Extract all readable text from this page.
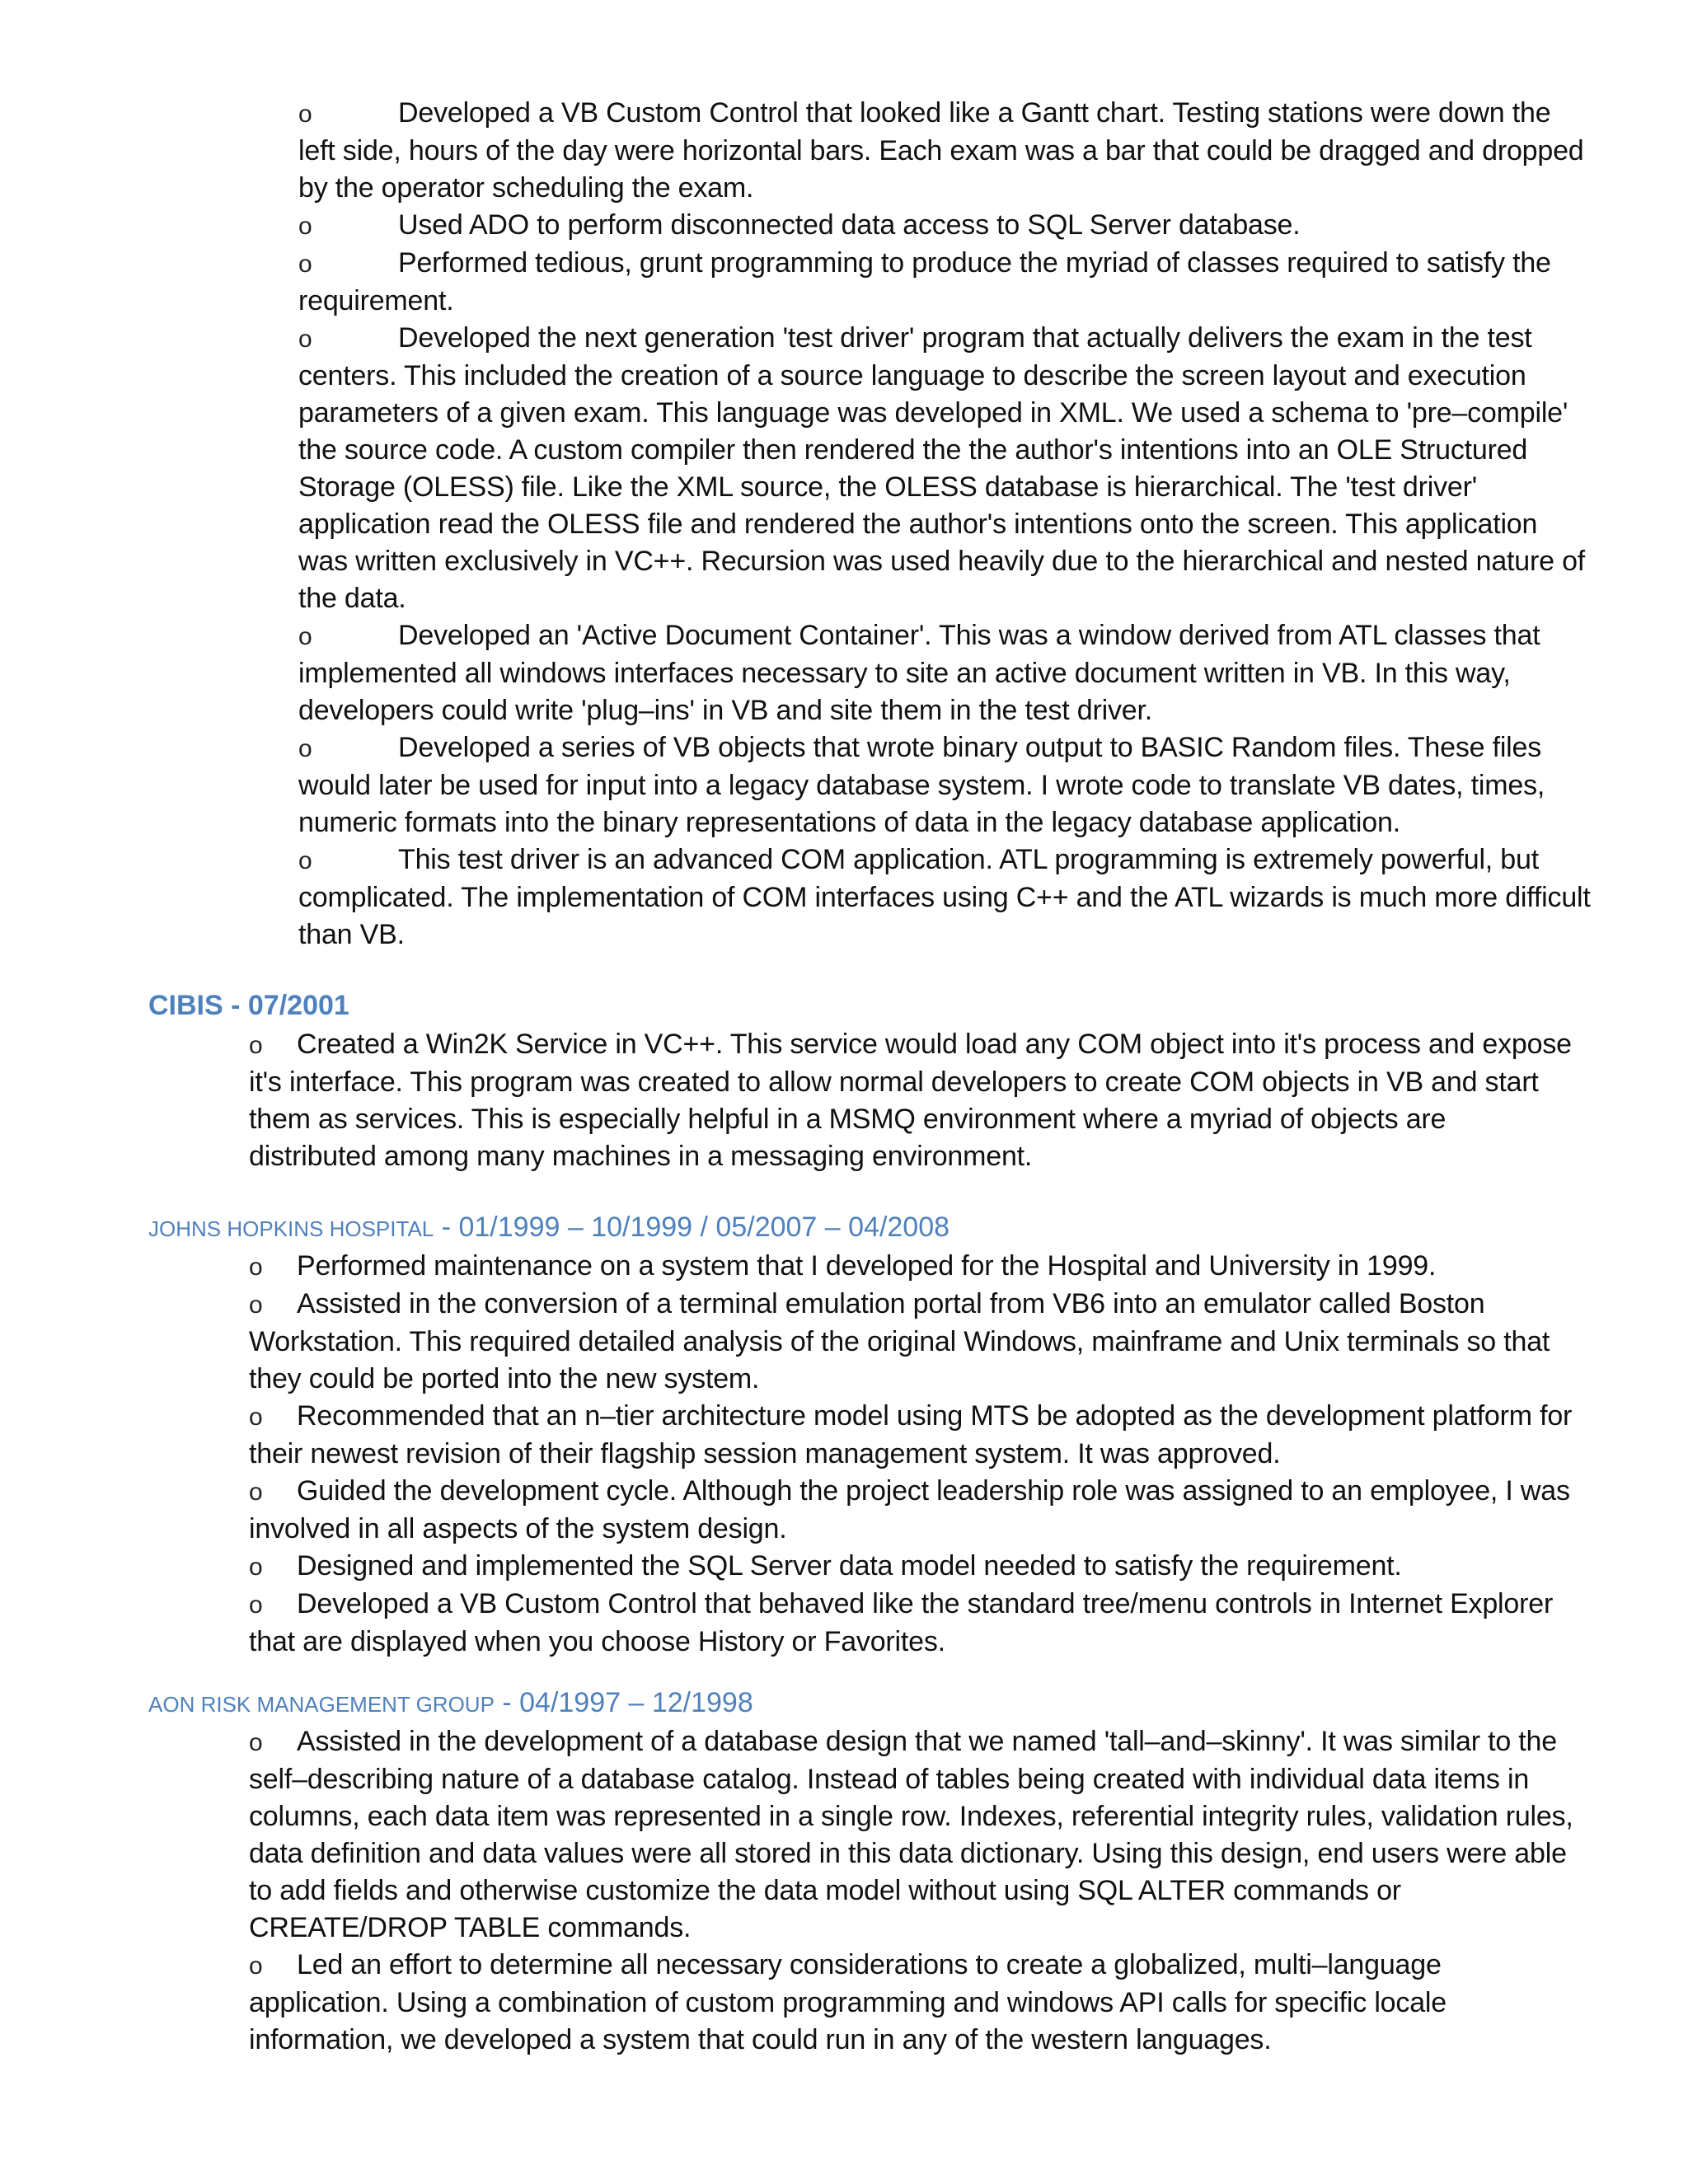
o	Developed a VB Custom Control that looked like a Gantt chart. Testing stations were down the left side, hours of the day were horizontal bars. Each exam was a bar that could be dragged and dropped by the operator scheduling the exam.
o	Used ADO to perform disconnected data access to SQL Server database.
o	Performed tedious, grunt programming to produce the myriad of classes required to satisfy the requirement.
o	Developed the next generation 'test driver' program that actually delivers the exam in the test centers. This included the creation of a source language to describe the screen layout and execution parameters of a given exam. This language was developed in XML. We used a schema to 'pre–compile' the source code. A custom compiler then rendered the the author's intentions into an OLE Structured Storage (OLESS) file. Like the XML source, the OLESS database is hierarchical. The 'test driver' application read the OLESS file and rendered the author's intentions onto the screen. This application was written exclusively in VC++. Recursion was used heavily due to the hierarchical and nested nature of the data.
o	Developed an 'Active Document Container'. This was a window derived from ATL classes that implemented all windows interfaces necessary to site an active document written in VB. In this way, developers could write 'plug–ins' in VB and site them in the test driver.
o	Developed a series of VB objects that wrote binary output to BASIC Random files. These files would later be used for input into a legacy database system. I wrote code to translate VB dates, times, numeric formats into the binary representations of data in the legacy database application.
o	This test driver is an advanced COM application. ATL programming is extremely powerful, but complicated. The implementation of COM interfaces using C++ and the ATL wizards is much more difficult than VB.
CIBIS - 07/2001
o Created a Win2K Service in VC++. This service would load any COM object into it's process and expose it's interface. This program was created to allow normal developers to create COM objects in VB and start them as services. This is especially helpful in a MSMQ environment where a myriad of objects are distributed among many machines in a messaging environment.
JOHNS HOPKINS HOSPITAL - 01/1999 – 10/1999 / 05/2007 – 04/2008
o Performed maintenance on a system that I developed for the Hospital and University in 1999.
o Assisted in the conversion of a terminal emulation portal from VB6 into an emulator called Boston Workstation. This required detailed analysis of the original Windows, mainframe and Unix terminals so that they could be ported into the new system.
o Recommended that an n–tier architecture model using MTS be adopted as the development platform for their newest revision of their flagship session management system. It was approved.
o Guided the development cycle. Although the project leadership role was assigned to an employee, I was involved in all aspects of the system design.
o Designed and implemented the SQL Server data model needed to satisfy the requirement.
o Developed a VB Custom Control that behaved like the standard tree/menu controls in Internet Explorer that are displayed when you choose History or Favorites.
AON RISK MANAGEMENT GROUP - 04/1997 – 12/1998
o Assisted in the development of a database design that we named 'tall–and–skinny'. It was similar to the self–describing nature of a database catalog. Instead of tables being created with individual data items in columns, each data item was represented in a single row. Indexes, referential integrity rules, validation rules, data definition and data values were all stored in this data dictionary. Using this design, end users were able to add fields and otherwise customize the data model without using SQL ALTER commands or CREATE/DROP TABLE commands.
o Led an effort to determine all necessary considerations to create a globalized, multi–language application. Using a combination of custom programming and windows API calls for specific locale information, we developed a system that could run in any of the western languages.
